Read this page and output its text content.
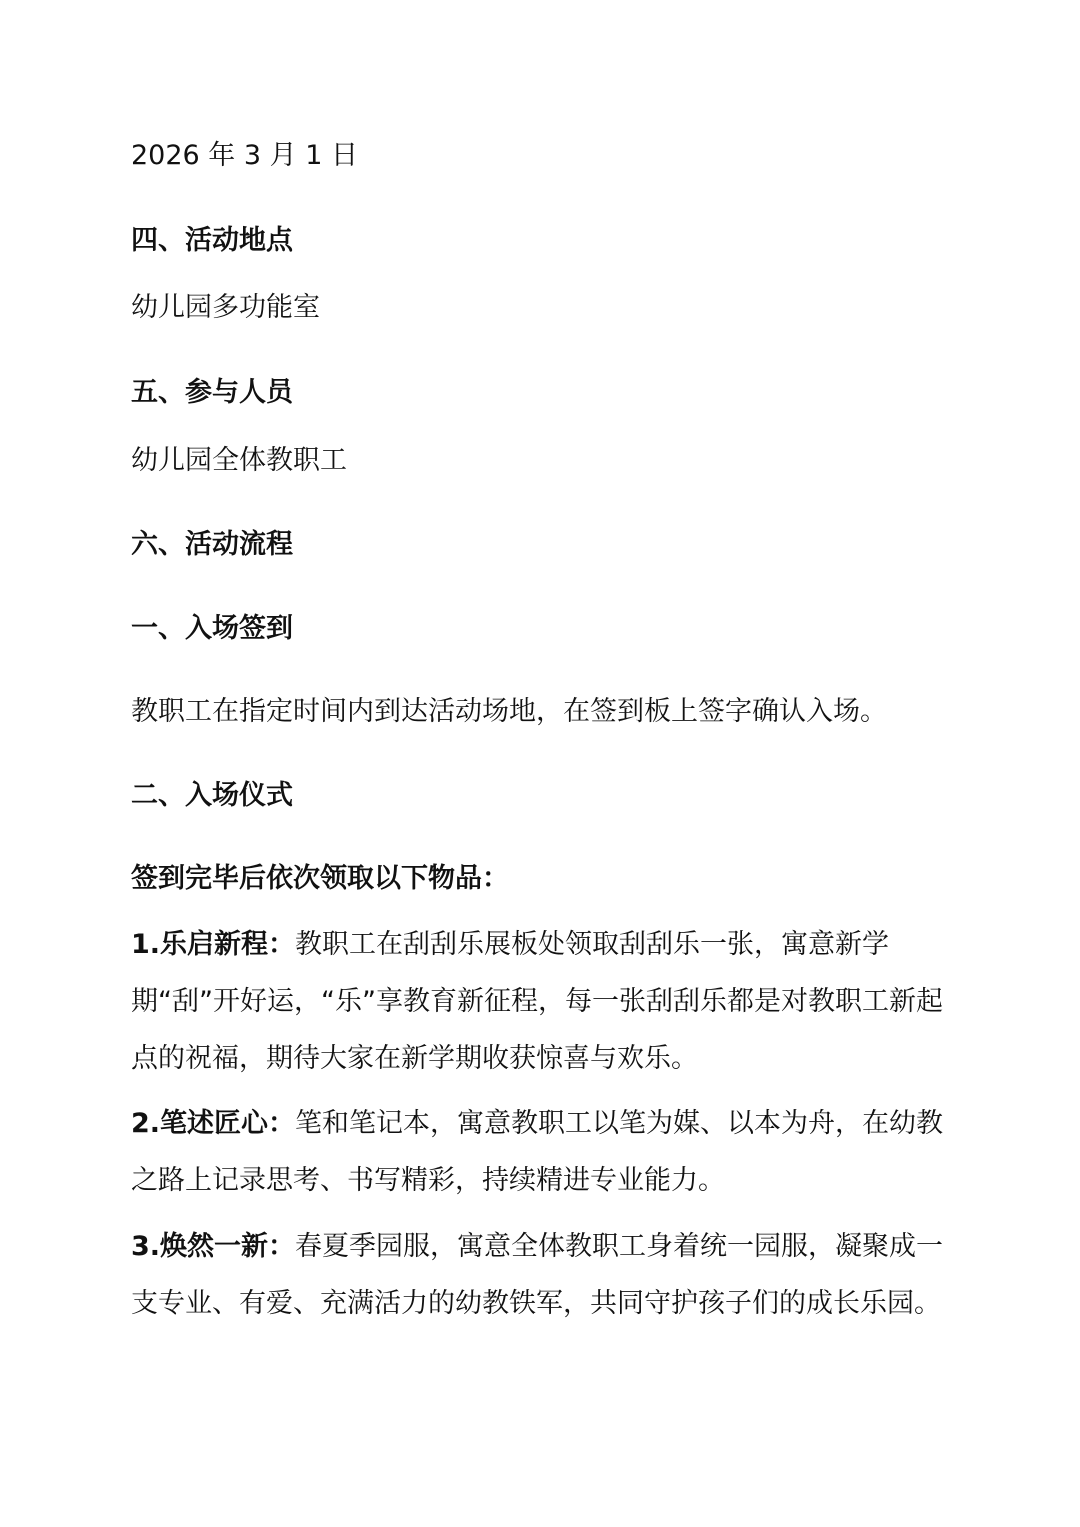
2026 年 3 月 1 日

四、活动地点

幼儿园多功能室

五、参与人员

幼儿园全体教职工

六、活动流程

一、入场签到

教职工在指定时间内到达活动场地，在签到板上签字确认入场。

二、入场仪式

签到完毕后依次领取以下物品：

1.乐启新程：教职工在刮刮乐展板处领取刮刮乐一张，寓意新学期“刮”开好运，“乐”享教育新征程，每一张刮刮乐都是对教职工新起点的祝福，期待大家在新学期收获惊喜与欢乐。

2.笔述匠心：笔和笔记本，寓意教职工以笔为媒、以本为舟，在幼教之路上记录思考、书写精彩，持续精进专业能力。

3.焕然一新：春夏季园服，寓意全体教职工身着统一园服，凝聚成一支专业、有爱、充满活力的幼教铁军，共同守护孩子们的成长乐园。
